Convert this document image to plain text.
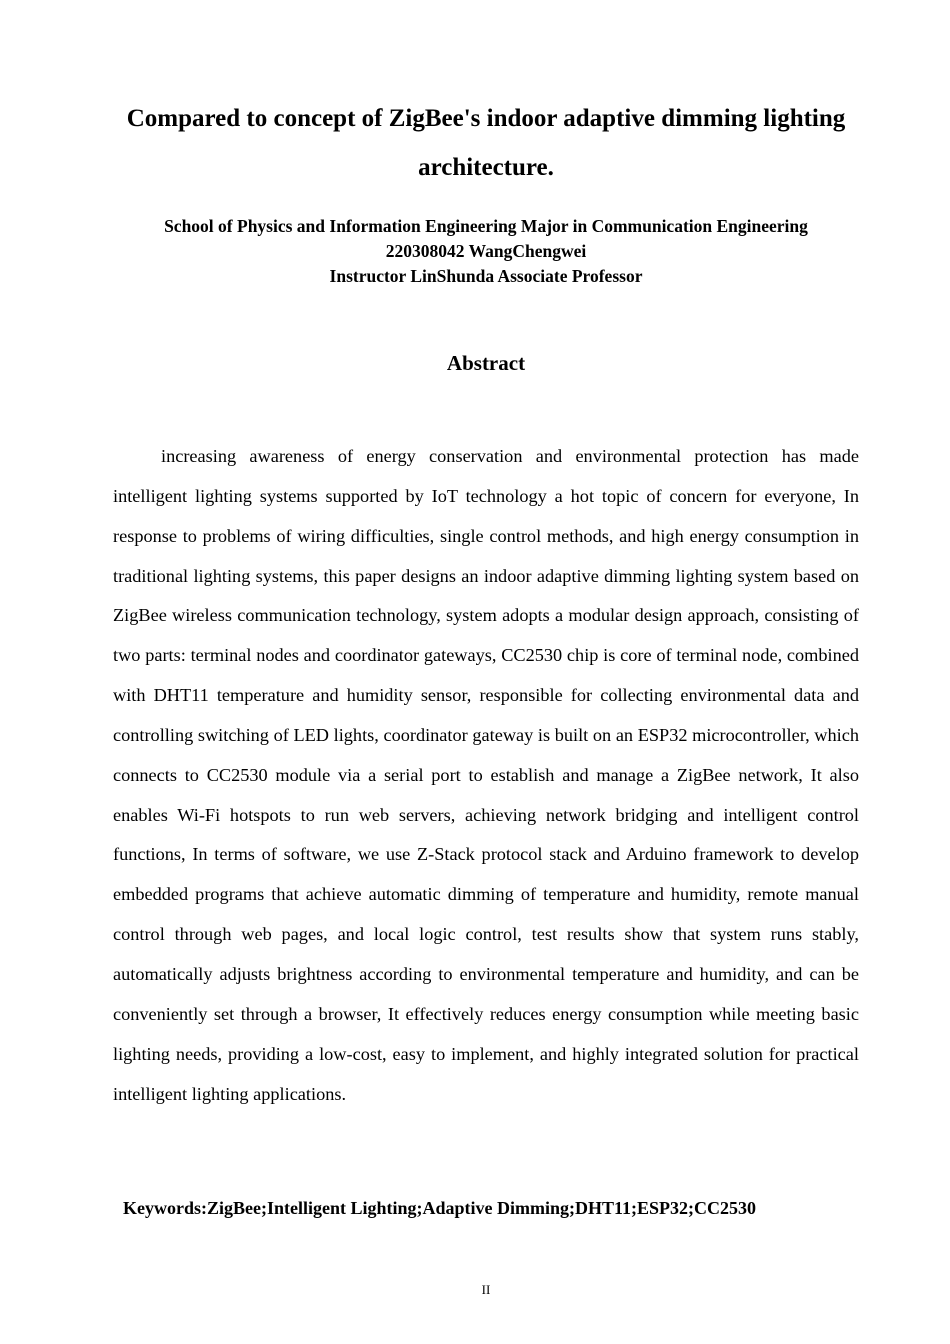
Compared to concept of ZigBee's indoor adaptive dimming lighting architecture.
School of Physics and Information Engineering Major in Communication Engineering
220308042 WangChengwei
Instructor LinShunda Associate Professor
Abstract

increasing awareness of energy conservation and environmental protection has made intelligent lighting systems supported by IoT technology a hot topic of concern for everyone, In response to problems of wiring difficulties, single control methods, and high energy consumption in traditional lighting systems, this paper designs an indoor adaptive dimming lighting system based on ZigBee wireless communication technology, system adopts a modular design approach, consisting of two parts: terminal nodes and coordinator gateways, CC2530 chip is core of terminal node, combined with DHT11 temperature and humidity sensor, responsible for collecting environmental data and controlling switching of LED lights, coordinator gateway is built on an ESP32 microcontroller, which connects to CC2530 module via a serial port to establish and manage a ZigBee network, It also enables Wi-Fi hotspots to run web servers, achieving network bridging and intelligent control functions, In terms of software, we use Z-Stack protocol stack and Arduino framework to develop embedded programs that achieve automatic dimming of temperature and humidity, remote manual control through web pages, and local logic control, test results show that system runs stably, automatically adjusts brightness according to environmental temperature and humidity, and can be conveniently set through a browser, It effectively reduces energy consumption while meeting basic lighting needs, providing a low-cost, easy to implement, and highly integrated solution for practical intelligent lighting applications.

Keywords:ZigBee;Intelligent Lighting;Adaptive Dimming;DHT11;ESP32;CC2530
II
